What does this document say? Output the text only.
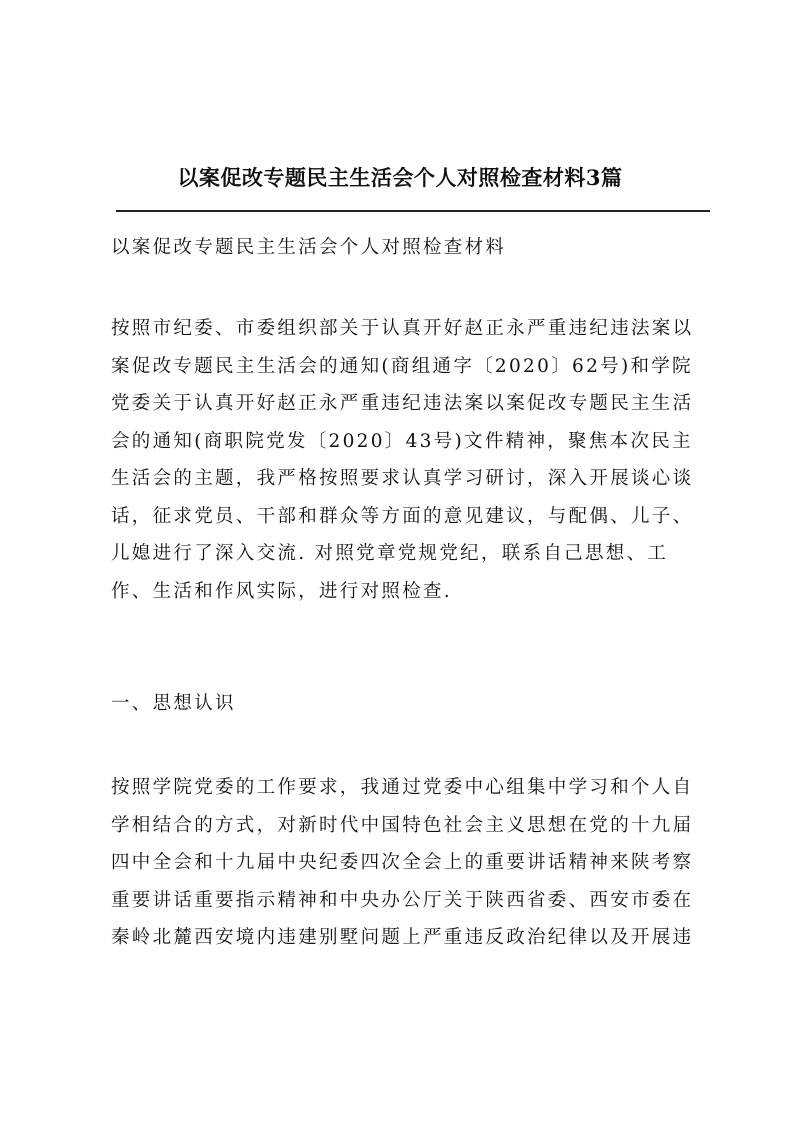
以案促改专题民主生活会个人对照检查材料3篇
以案促改专题民主生活会个人对照检查材料
按照市纪委、市委组织部关于认真开好赵正永严重违纪违法案以
案促改专题民主生活会的通知(商组通字〔2020〕62号)和学院
党委关于认真开好赵正永严重违纪违法案以案促改专题民主生活
会的通知(商职院党发〔2020〕43号)文件精神，聚焦本次民主
生活会的主题，我严格按照要求认真学习研讨，深入开展谈心谈
话，征求党员、干部和群众等方面的意见建议，与配偶、儿子、
儿媳进行了深入交流. 对照党章党规党纪，联系自己思想、工
作、生活和作风实际，进行对照检查.
一、思想认识
按照学院党委的工作要求，我通过党委中心组集中学习和个人自
学相结合的方式，对新时代中国特色社会主义思想在党的十九届
四中全会和十九届中央纪委四次全会上的重要讲话精神来陕考察
重要讲话重要指示精神和中央办公厅关于陕西省委、西安市委在
秦岭北麓西安境内违建别墅问题上严重违反政治纪律以及开展违
